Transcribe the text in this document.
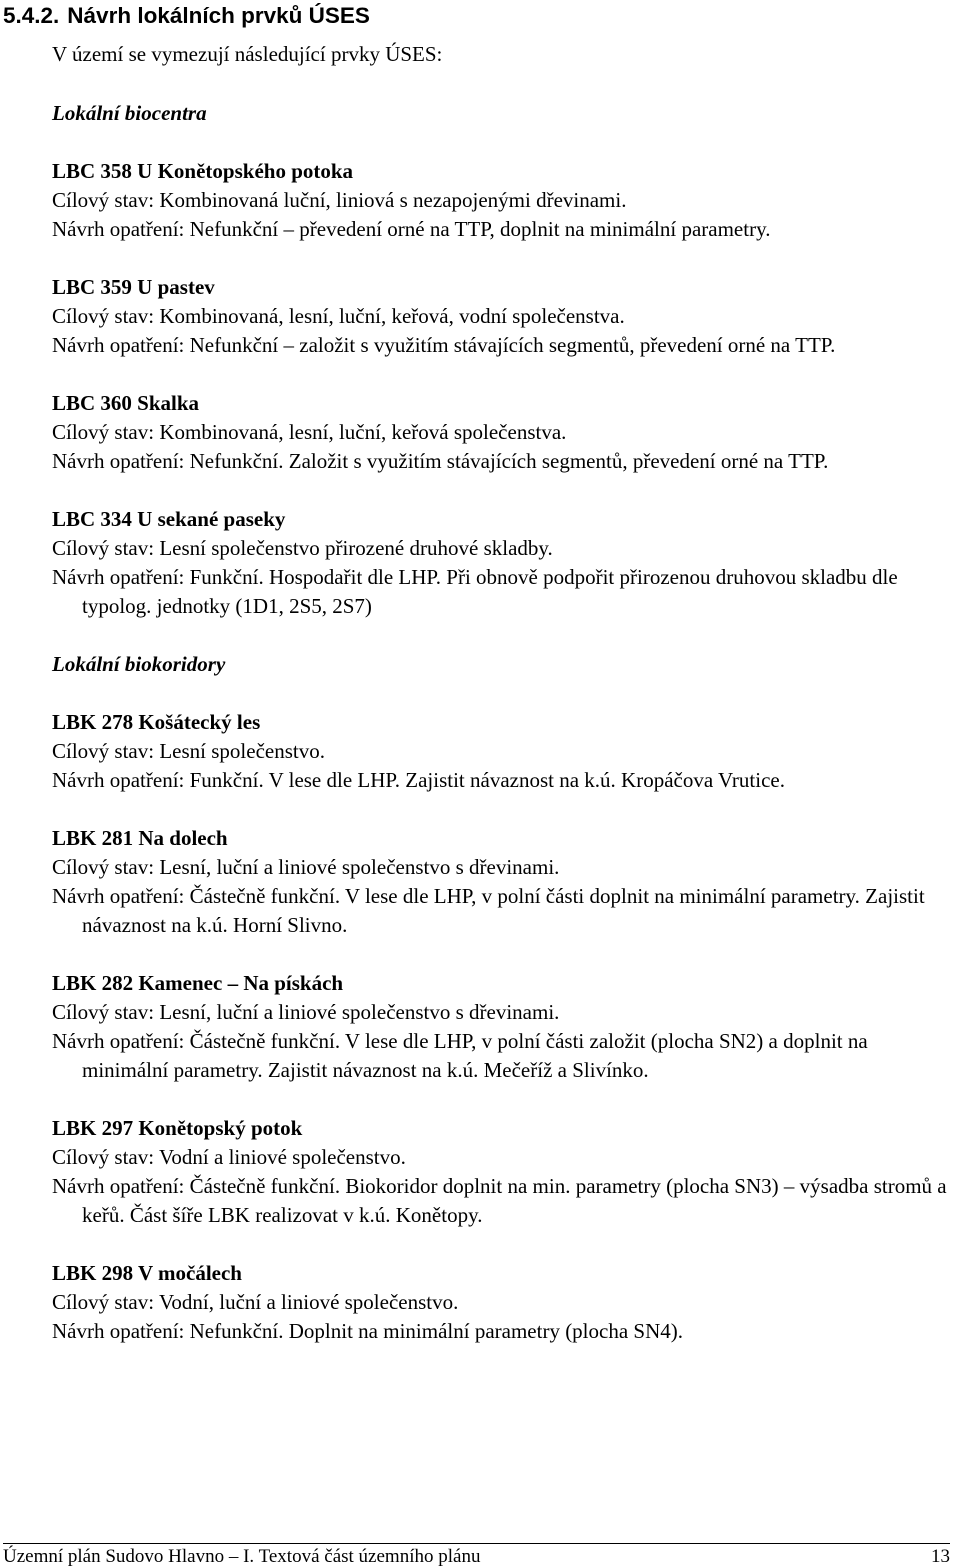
5.4.2. Návrh lokálních prvků ÚSES
V území se vymezují následující prvky ÚSES:
Lokální biocentra
LBC 358 U Konětopského potoka
Cílový stav: Kombinovaná luční, liniová s nezapojenými dřevinami.
Návrh opatření: Nefunkční – převedení orné na TTP, doplnit na minimální parametry.
LBC 359 U pastev
Cílový stav: Kombinovaná, lesní, luční, keřová, vodní společenstva.
Návrh opatření: Nefunkční – založit s využitím stávajících segmentů, převedení orné na TTP.
LBC 360 Skalka
Cílový stav: Kombinovaná, lesní, luční, keřová společenstva.
Návrh opatření: Nefunkční. Založit s využitím stávajících segmentů, převedení orné na TTP.
LBC 334 U sekané paseky
Cílový stav: Lesní společenstvo přirozené druhové skladby.
Návrh opatření: Funkční. Hospodařit dle LHP. Při obnově podpořit přirozenou druhovou skladbu dle typolog. jednotky (1D1, 2S5, 2S7)
Lokální biokoridory
LBK 278 Košátecký les
Cílový stav: Lesní společenstvo.
Návrh opatření: Funkční. V lese dle LHP. Zajistit návaznost na k.ú. Kropáčova Vrutice.
LBK 281 Na dolech
Cílový stav: Lesní, luční a liniové společenstvo s dřevinami.
Návrh opatření: Částečně funkční. V lese dle LHP, v polní části doplnit na minimální parametry. Zajistit návaznost na k.ú. Horní Slivno.
LBK 282 Kamenec – Na pískách
Cílový stav: Lesní, luční a liniové společenstvo s dřevinami.
Návrh opatření: Částečně funkční. V lese dle LHP, v polní části založit (plocha SN2) a doplnit na minimální parametry. Zajistit návaznost na k.ú. Mečeříž a Slivínko.
LBK 297 Konětopský potok
Cílový stav: Vodní a liniové společenstvo.
Návrh opatření: Částečně funkční. Biokoridor doplnit na min. parametry (plocha SN3) – výsadba stromů a keřů. Část šíře LBK realizovat v k.ú. Konětopy.
LBK 298 V močálech
Cílový stav: Vodní, luční a liniové společenstvo.
Návrh opatření: Nefunkční. Doplnit na minimální parametry (plocha SN4).
Územní plán Sudovo Hlavno – I. Textová část územního plánu	13
